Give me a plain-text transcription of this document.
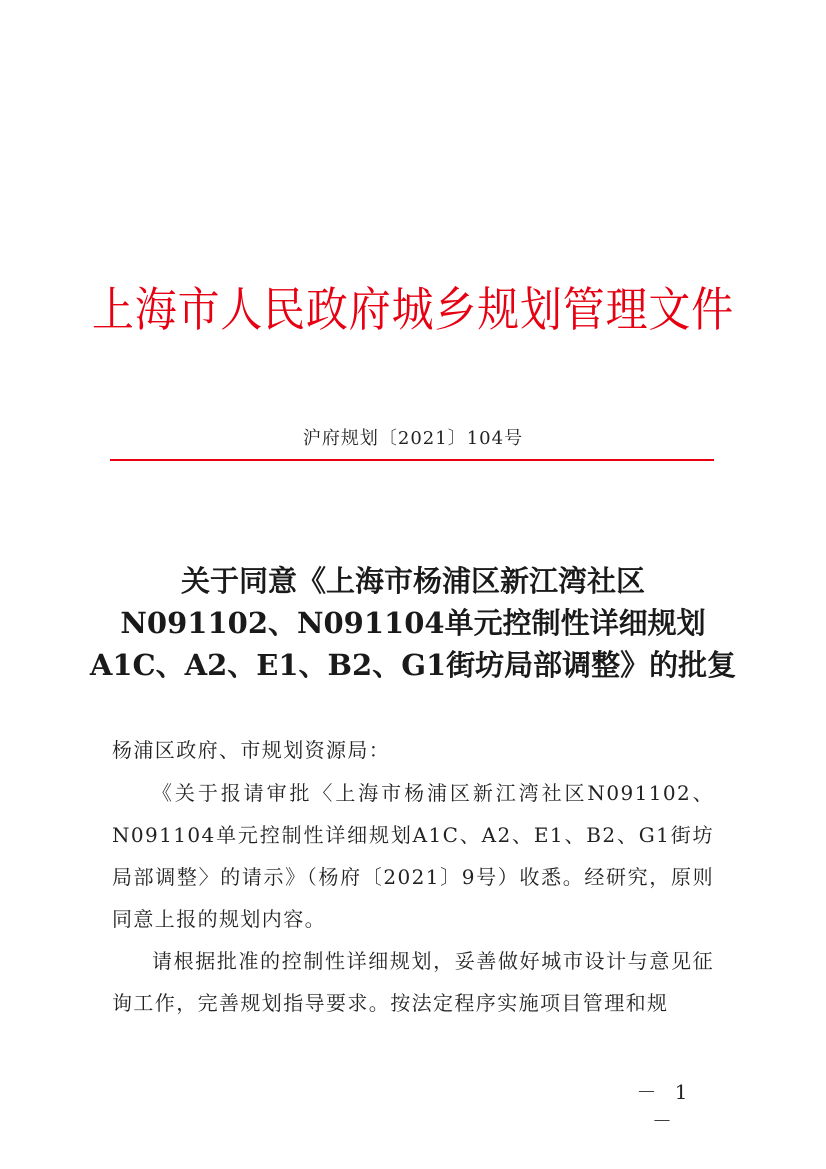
上海市人民政府城乡规划管理文件
沪府规划〔2021〕104号
关于同意《上海市杨浦区新江湾社区
N091102、N091104单元控制性详细规划
A1C、A2、E1、B2、G1街坊局部调整》的批复

杨浦区政府、市规划资源局：

《关于报请审批〈上海市杨浦区新江湾社区N091102、N091104单元控制性详细规划A1C、A2、E1、B2、G1街坊局部调整〉的请示》（杨府〔2021〕9号）收悉。经研究，原则同意上报的规划内容。

请根据批准的控制性详细规划，妥善做好城市设计与意见征询工作，完善规划指导要求。按法定程序实施项目管理和规

－ 1 －
